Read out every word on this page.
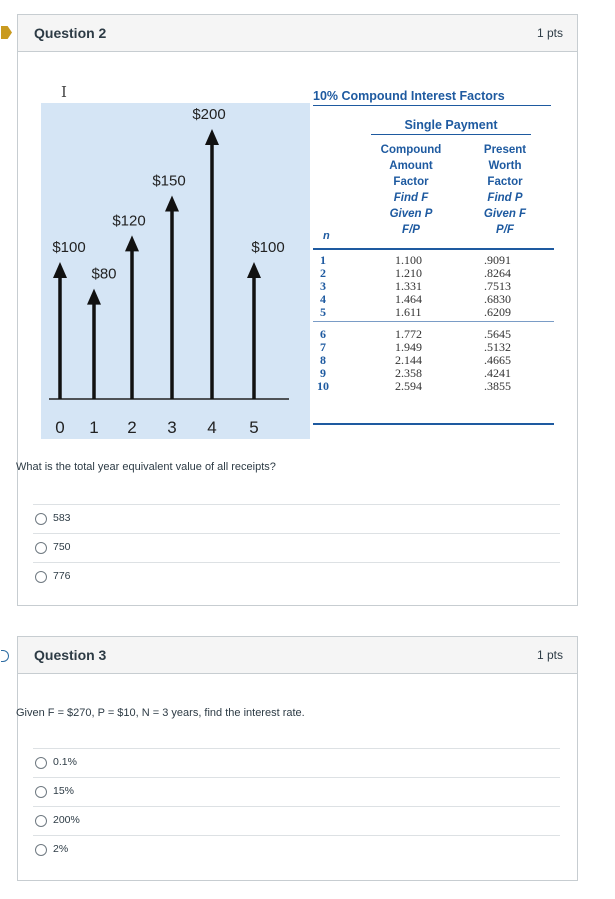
Question 2	1 pts
I
$100
$80
$120
$150
$200
$100
0 1 2 3 4 5
10% Compound Interest Factors
Single Payment
Compound
Amount
Factor
Find F
Given P
F/P
Present
Worth
Factor
Find P
Given F
P/F
n
1	1.100	.9091
2	1.210	.8264
3	1.331	.7513
4	1.464	.6830
5	1.611	.6209
6	1.772	.5645
7	1.949	.5132
8	2.144	.4665
9	2.358	.4241
10	2.594	.3855
What is the total year equivalent value of all receipts?
583
750
776
Question 3	1 pts
Given F = $270, P = $10, N = 3 years, find the interest rate.
0.1%
15%
200%
2%
